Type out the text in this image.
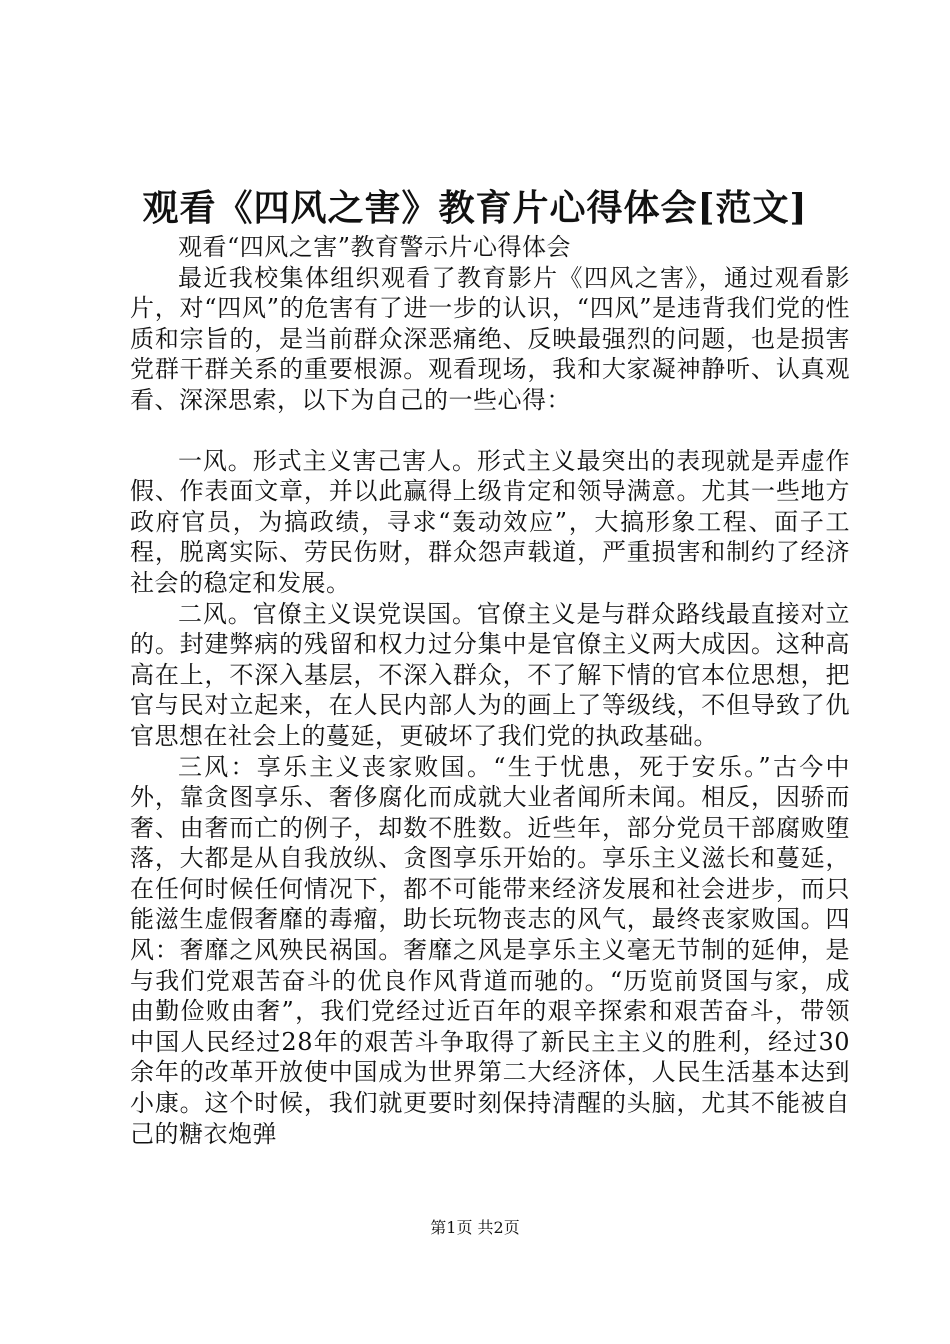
观看《四风之害》教育片心得体会[范文]

观看“四风之害”教育警示片心得体会

最近我校集体组织观看了教育影片《四风之害》，通过观看影片，对“四风”的危害有了进一步的认识，“四风”是违背我们党的性质和宗旨的，是当前群众深恶痛绝、反映最强烈的问题，也是损害党群干群关系的重要根源。观看现场，我和大家凝神静听、认真观看、深深思索，以下为自己的一些心得：

一风。形式主义害己害人。形式主义最突出的表现就是弄虚作假、作表面文章，并以此赢得上级肯定和领导满意。尤其一些地方政府官员，为搞政绩，寻求“轰动效应”，大搞形象工程、面子工程，脱离实际、劳民伤财，群众怨声载道，严重损害和制约了经济社会的稳定和发展。

二风。官僚主义误党误国。官僚主义是与群众路线最直接对立的。封建弊病的残留和权力过分集中是官僚主义两大成因。这种高高在上，不深入基层，不深入群众，不了解下情的官本位思想，把官与民对立起来，在人民内部人为的画上了等级线，不但导致了仇官思想在社会上的蔓延，更破坏了我们党的执政基础。

三风：享乐主义丧家败国。“生于忧患，死于安乐。”古今中外，靠贪图享乐、奢侈腐化而成就大业者闻所未闻。相反，因骄而奢、由奢而亡的例子，却数不胜数。近些年，部分党员干部腐败堕落，大都是从自我放纵、贪图享乐开始的。享乐主义滋长和蔓延，在任何时候任何情况下，都不可能带来经济发展和社会进步，而只能滋生虚假奢靡的毒瘤，助长玩物丧志的风气，最终丧家败国。四风：奢靡之风殃民祸国。奢靡之风是享乐主义毫无节制的延伸，是与我们党艰苦奋斗的优良作风背道而驰的。“历览前贤国与家，成由勤俭败由奢”，我们党经过近百年的艰辛探索和艰苦奋斗，带领中国人民经过28年的艰苦斗争取得了新民主主义的胜利，经过30余年的改革开放使中国成为世界第二大经济体，人民生活基本达到小康。这个时候，我们就更要时刻保持清醒的头脑，尤其不能被自己的糖衣炮弹

第1页 共2页
